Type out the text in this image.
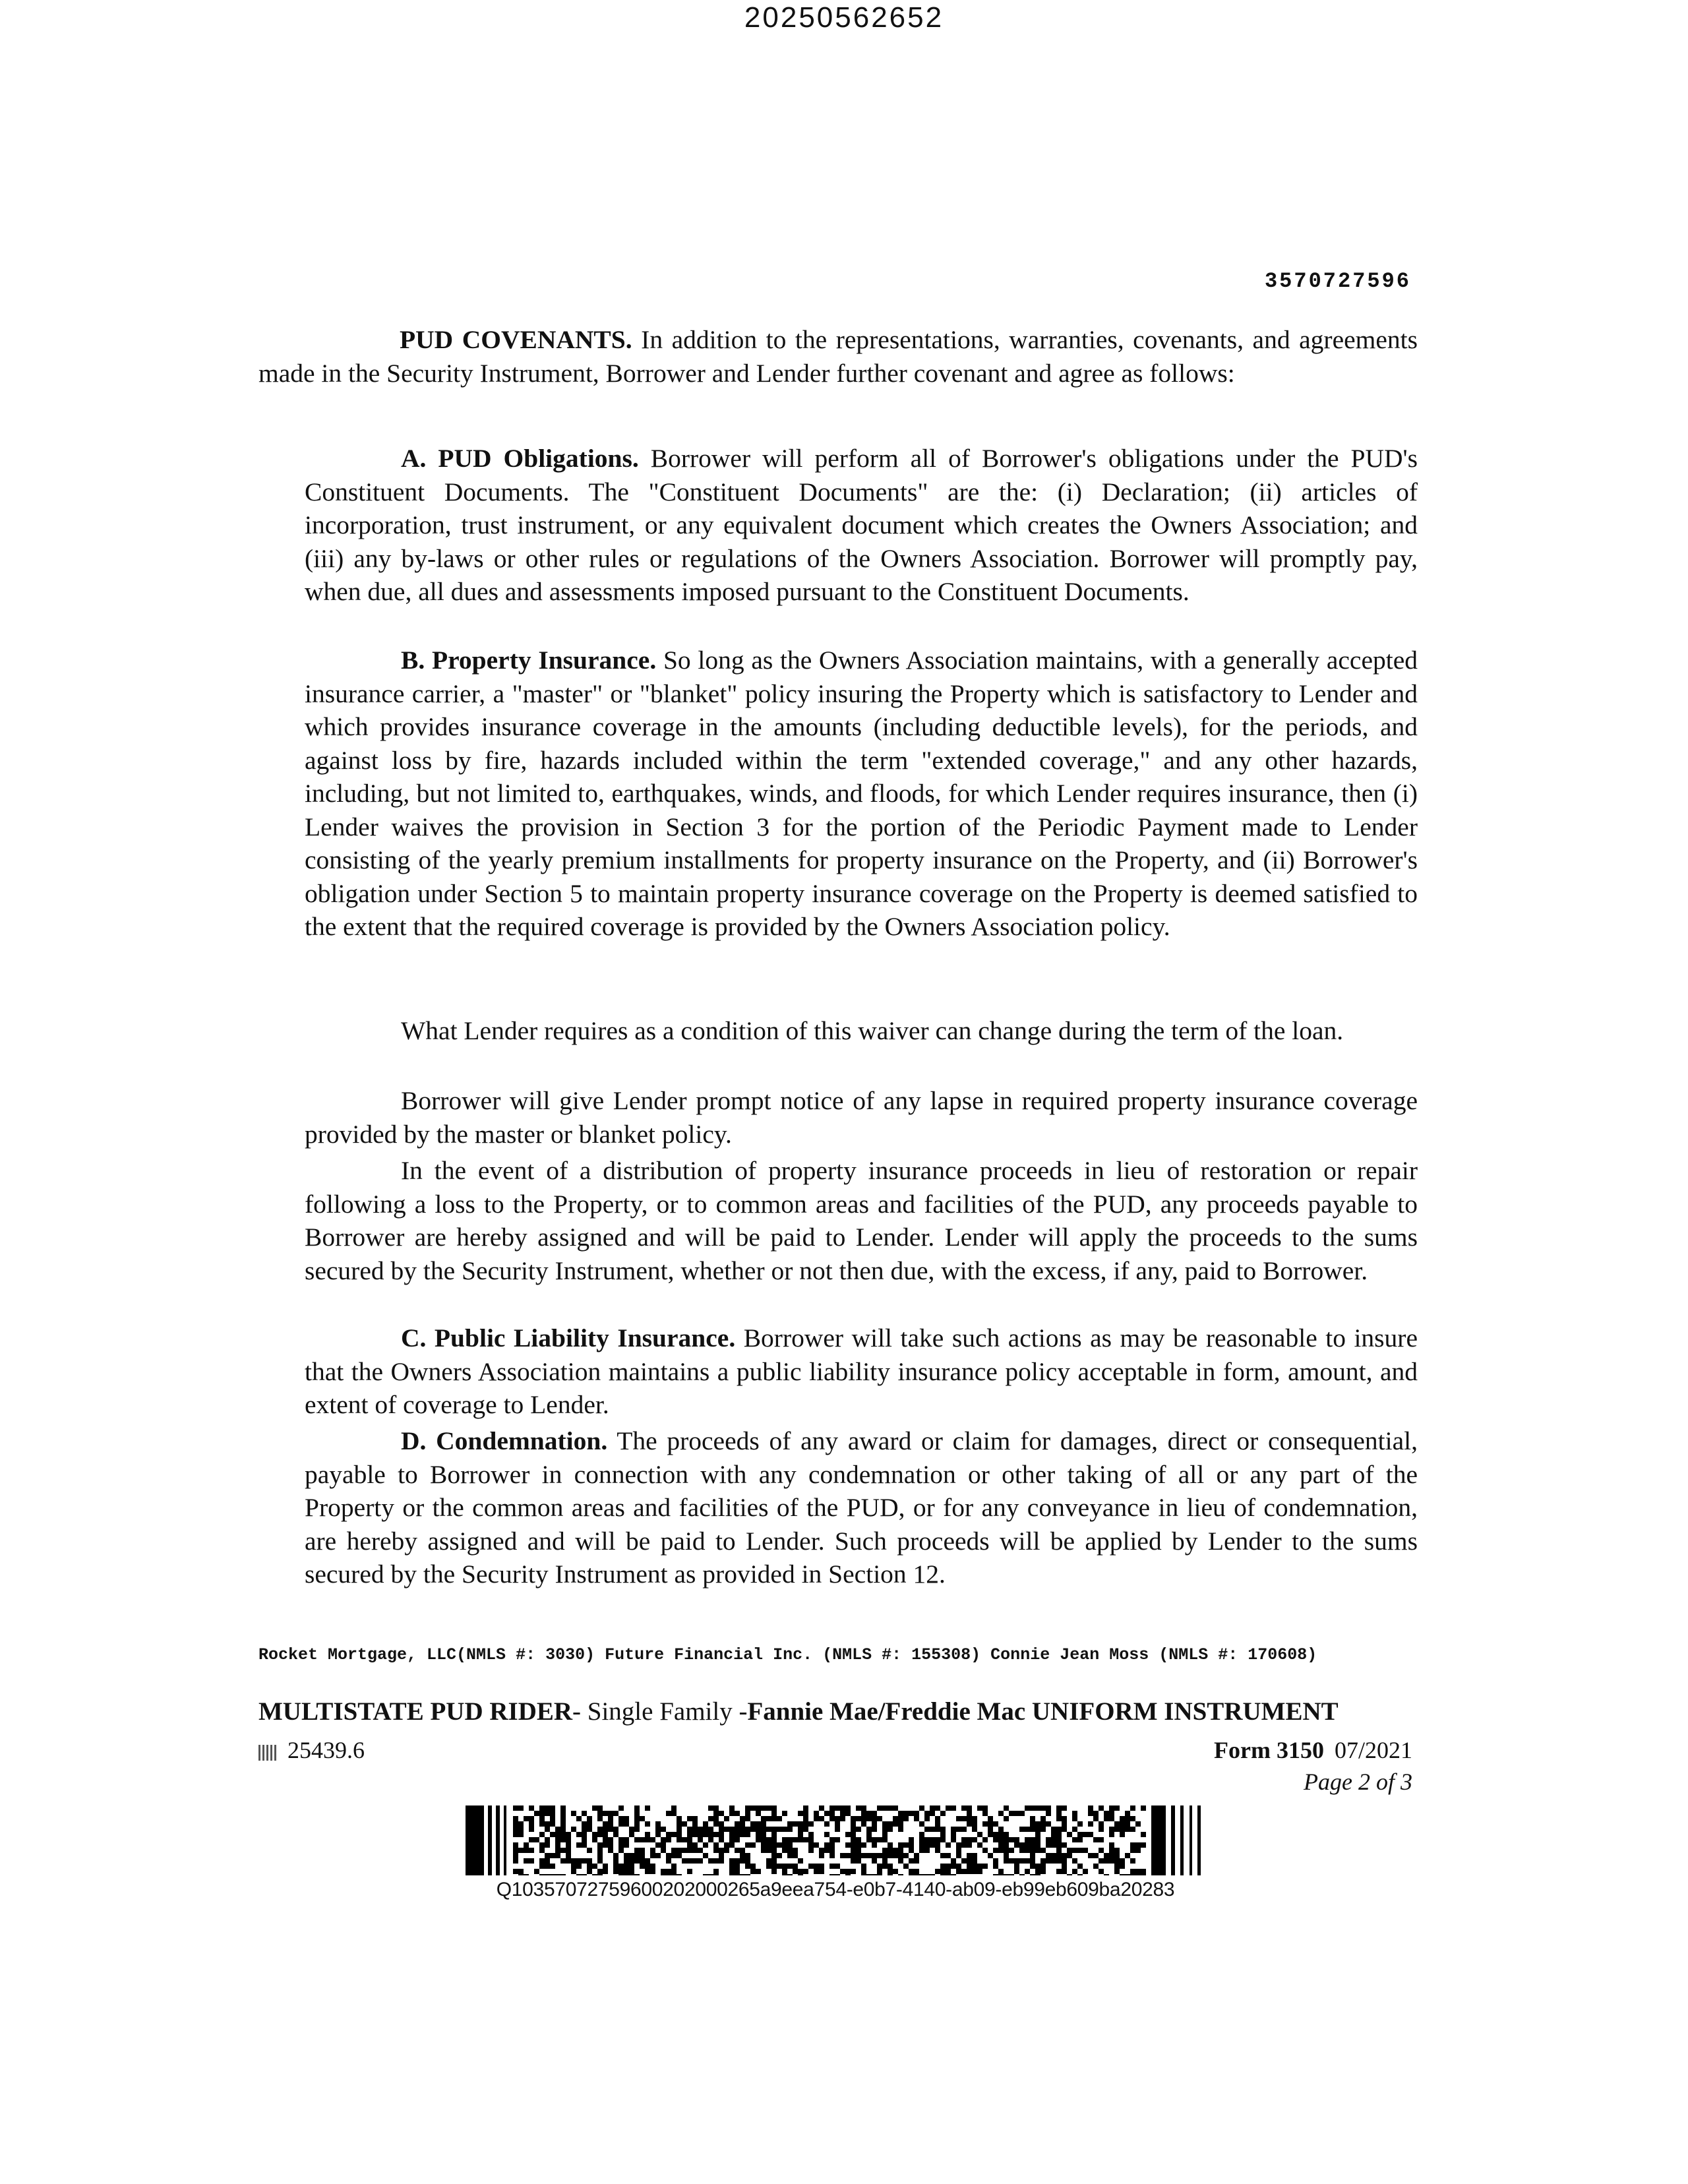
20250562652
3570727596

PUD COVENANTS. In addition to the representations, warranties, covenants, and agreements made in the Security Instrument, Borrower and Lender further covenant and agree as follows:

A. PUD Obligations. Borrower will perform all of Borrower's obligations under the PUD's Constituent Documents. The "Constituent Documents" are the: (i) Declaration; (ii) articles of incorporation, trust instrument, or any equivalent document which creates the Owners Association; and (iii) any by-laws or other rules or regulations of the Owners Association. Borrower will promptly pay, when due, all dues and assessments imposed pursuant to the Constituent Documents.

B. Property Insurance. So long as the Owners Association maintains, with a generally accepted insurance carrier, a "master" or "blanket" policy insuring the Property which is satisfactory to Lender and which provides insurance coverage in the amounts (including deductible levels), for the periods, and against loss by fire, hazards included within the term "extended coverage," and any other hazards, including, but not limited to, earthquakes, winds, and floods, for which Lender requires insurance, then (i) Lender waives the provision in Section 3 for the portion of the Periodic Payment made to Lender consisting of the yearly premium installments for property insurance on the Property, and (ii) Borrower's obligation under Section 5 to maintain property insurance coverage on the Property is deemed satisfied to the extent that the required coverage is provided by the Owners Association policy.

What Lender requires as a condition of this waiver can change during the term of the loan.

Borrower will give Lender prompt notice of any lapse in required property insurance coverage provided by the master or blanket policy.

In the event of a distribution of property insurance proceeds in lieu of restoration or repair following a loss to the Property, or to common areas and facilities of the PUD, any proceeds payable to Borrower are hereby assigned and will be paid to Lender. Lender will apply the proceeds to the sums secured by the Security Instrument, whether or not then due, with the excess, if any, paid to Borrower.

C. Public Liability Insurance. Borrower will take such actions as may be reasonable to insure that the Owners Association maintains a public liability insurance policy acceptable in form, amount, and extent of coverage to Lender.

D. Condemnation. The proceeds of any award or claim for damages, direct or consequential, payable to Borrower in connection with any condemnation or other taking of all or any part of the Property or the common areas and facilities of the PUD, or for any conveyance in lieu of condemnation, are hereby assigned and will be paid to Lender. Such proceeds will be applied by Lender to the sums secured by the Security Instrument as provided in Section 12.

Rocket Mortgage, LLC(NMLS #: 3030) Future Financial Inc. (NMLS #: 155308) Connie Jean Moss (NMLS #: 170608)
MULTISTATE PUD RIDER- Single Family -Fannie Mae/Freddie Mac UNIFORM INSTRUMENT
25439.6	Form 3150 07/2021
Page 2 of 3
Q10357072759600202000265a9eea754-e0b7-4140-ab09-eb99eb609ba20283
